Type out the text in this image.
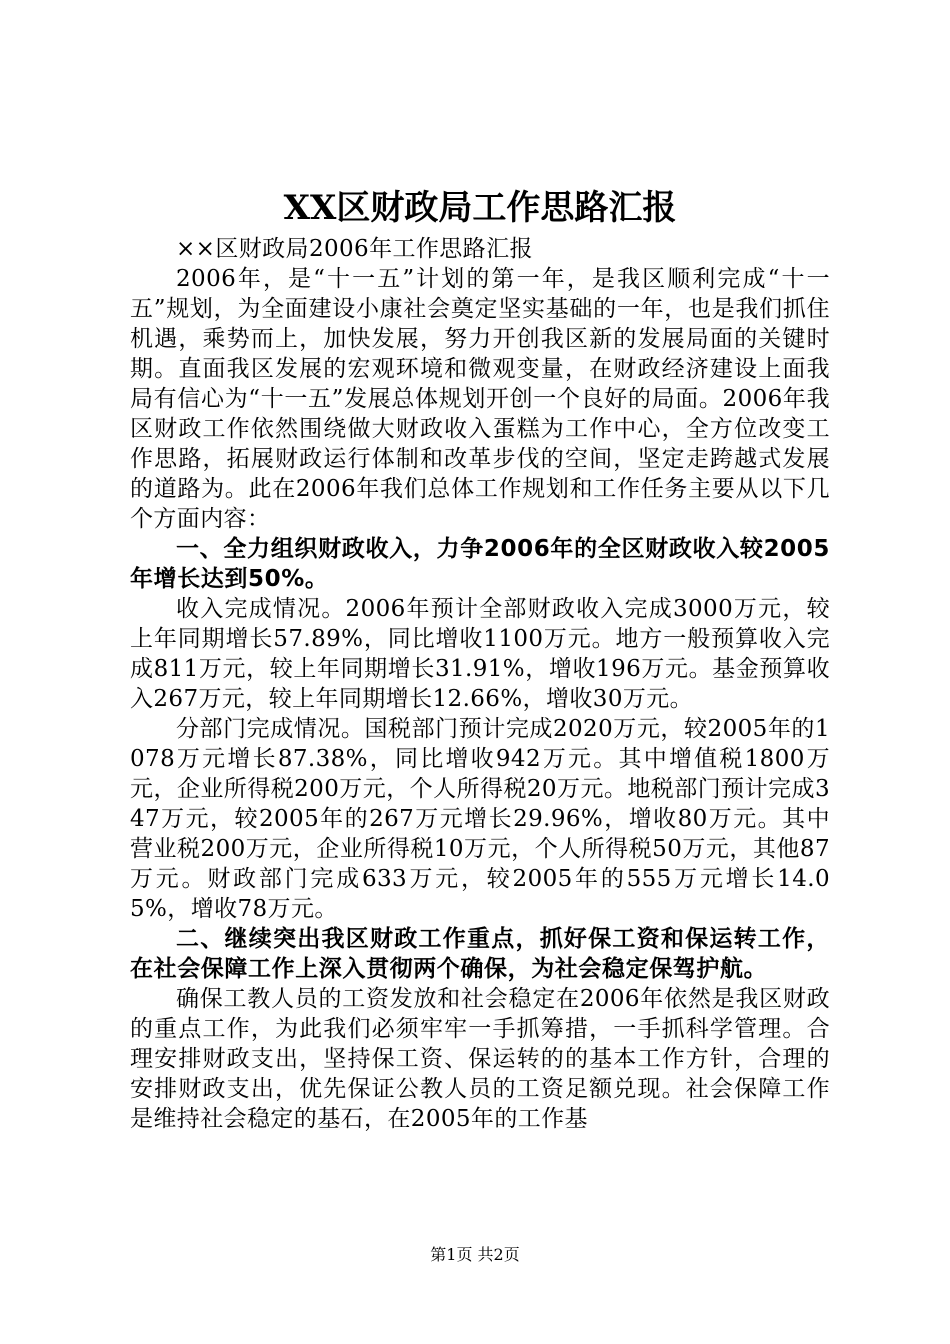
XX区财政局工作思路汇报

××区财政局2006年工作思路汇报

2006年，是“十一五”计划的第一年，是我区顺利完成“十一五”规划，为全面建设小康社会奠定坚实基础的一年，也是我们抓住机遇，乘势而上，加快发展，努力开创我区新的发展局面的关键时期。直面我区发展的宏观环境和微观变量，在财政经济建设上面我局有信心为“十一五”发展总体规划开创一个良好的局面。2006年我区财政工作依然围绕做大财政收入蛋糕为工作中心，全方位改变工作思路，拓展财政运行体制和改革步伐的空间，坚定走跨越式发展的道路为。此在2006年我们总体工作规划和工作任务主要从以下几个方面内容：

一、全力组织财政收入，力争2006年的全区财政收入较2005年增长达到50%。

收入完成情况。2006年预计全部财政收入完成3000万元，较上年同期增长57.89%，同比增收1100万元。地方一般预算收入完成811万元，较上年同期增长31.91%，增收196万元。基金预算收入267万元，较上年同期增长12.66%，增收30万元。

分部门完成情况。国税部门预计完成2020万元，较2005年的1078万元增长87.38%，同比增收942万元。其中增值税1800万元，企业所得税200万元，个人所得税20万元。地税部门预计完成347万元，较2005年的267万元增长29.96%，增收80万元。其中营业税200万元，企业所得税10万元，个人所得税50万元，其他87万元。财政部门完成633万元，较2005年的555万元增长14.05%，增收78万元。

二、继续突出我区财政工作重点，抓好保工资和保运转工作，在社会保障工作上深入贯彻两个确保，为社会稳定保驾护航。

确保工教人员的工资发放和社会稳定在2006年依然是我区财政的重点工作，为此我们必须牢牢一手抓筹措，一手抓科学管理。合理安排财政支出，坚持保工资、保运转的的基本工作方针，合理的安排财政支出，优先保证公教人员的工资足额兑现。社会保障工作是维持社会稳定的基石，在2005年的工作基

第1页 共2页
